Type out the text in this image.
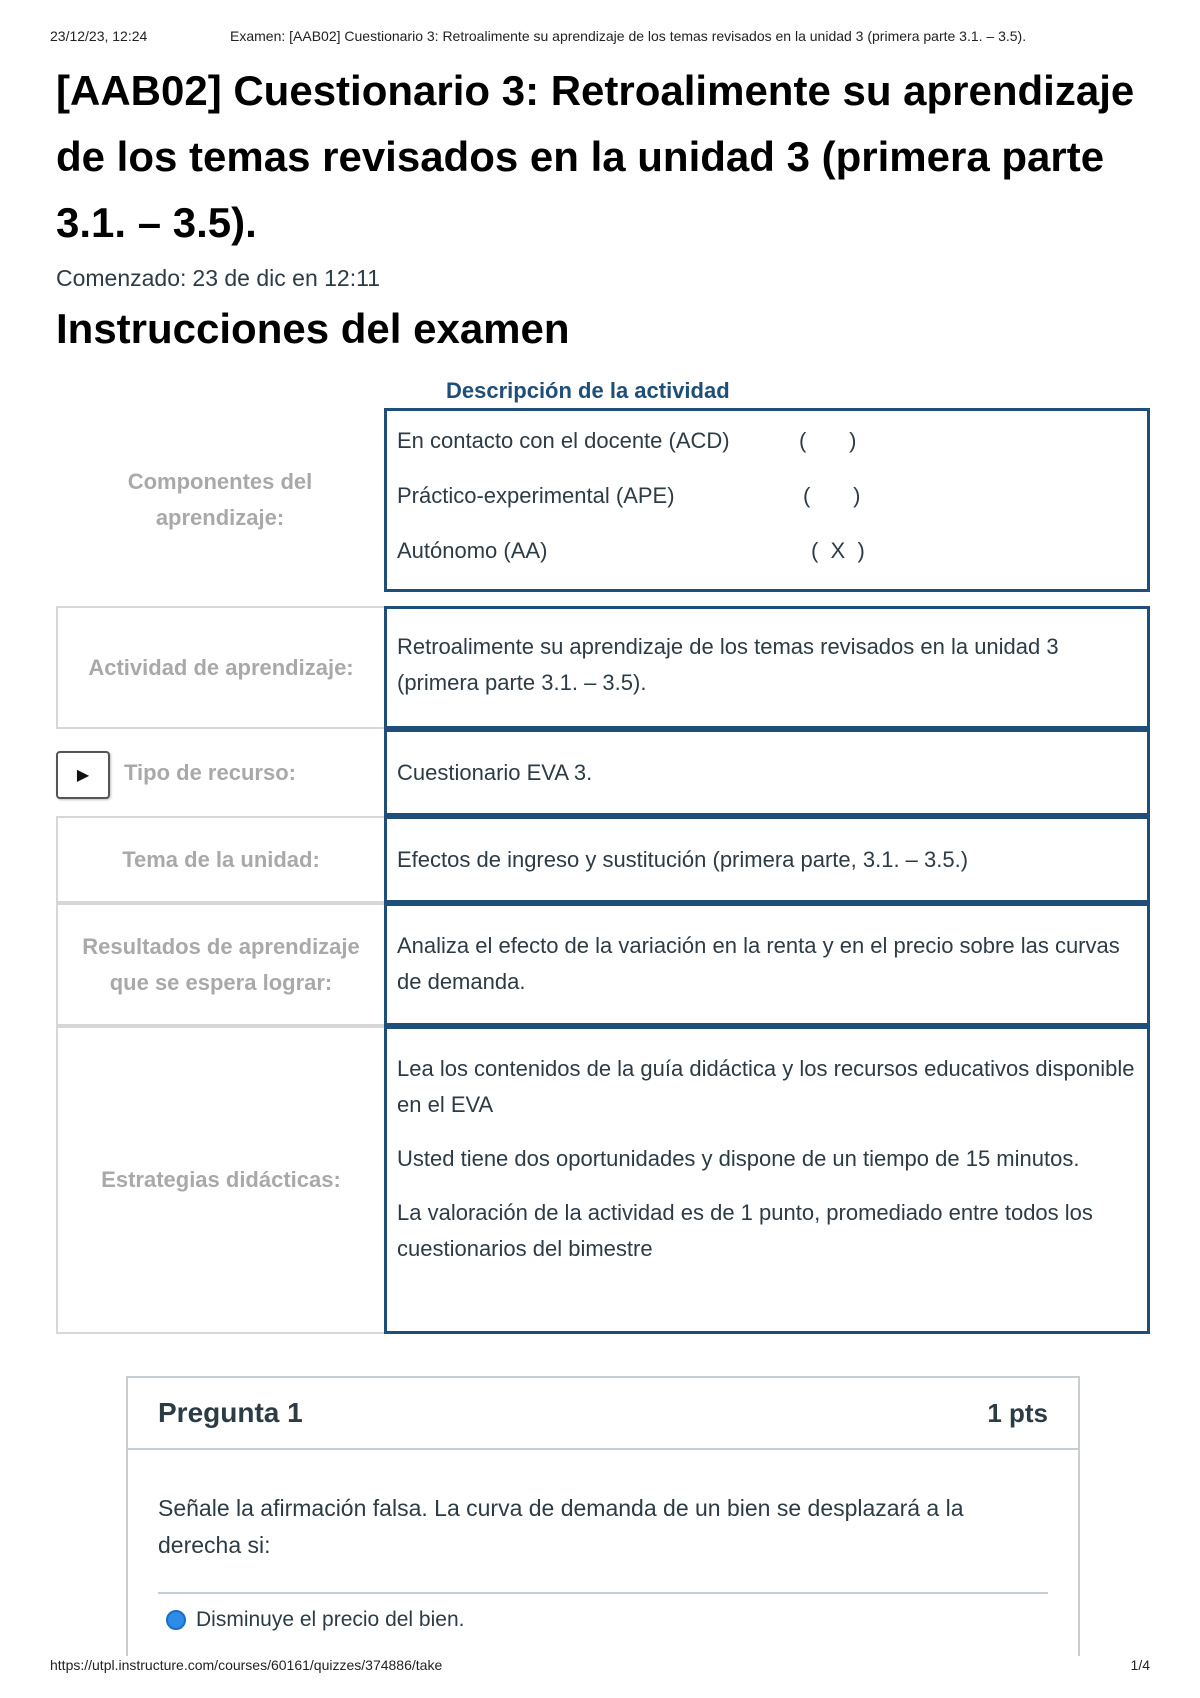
23/12/23, 12:24	Examen: [AAB02] Cuestionario 3: Retroalimente su aprendizaje de los temas revisados en la unidad 3 (primera parte 3.1. – 3.5).
[AAB02] Cuestionario 3: Retroalimente su aprendizaje de los temas revisados en la unidad 3 (primera parte 3.1. – 3.5).
Comenzado: 23 de dic en 12:11
Instrucciones del examen
Descripción de la actividad
Componentes del aprendizaje:
En contacto con el docente (ACD)	(       )
Práctico-experimental (APE)	(       )
Autónomo (AA)	(  X  )
Actividad de aprendizaje:
Retroalimente su aprendizaje de los temas revisados en la unidad 3 (primera parte 3.1. – 3.5).
▶	Tipo de recurso:	Cuestionario EVA 3.
Tema de la unidad:	Efectos de ingreso y sustitución (primera parte, 3.1. – 3.5.)
Resultados de aprendizaje que se espera lograr:
Analiza el efecto de la variación en la renta y en el precio sobre las curvas de demanda.
Estrategias didácticas:

Lea los contenidos de la guía didáctica y los recursos educativos disponible en el EVA

Usted tiene dos oportunidades y dispone de un tiempo de 15 minutos.

La valoración de la actividad es de 1 punto, promediado entre todos los cuestionarios del bimestre

Pregunta 1	1 pts
Señale la afirmación falsa. La curva de demanda de un bien se desplazará a la derecha si:
Disminuye el precio del bien.
https://utpl.instructure.com/courses/60161/quizzes/374886/take	1/4
